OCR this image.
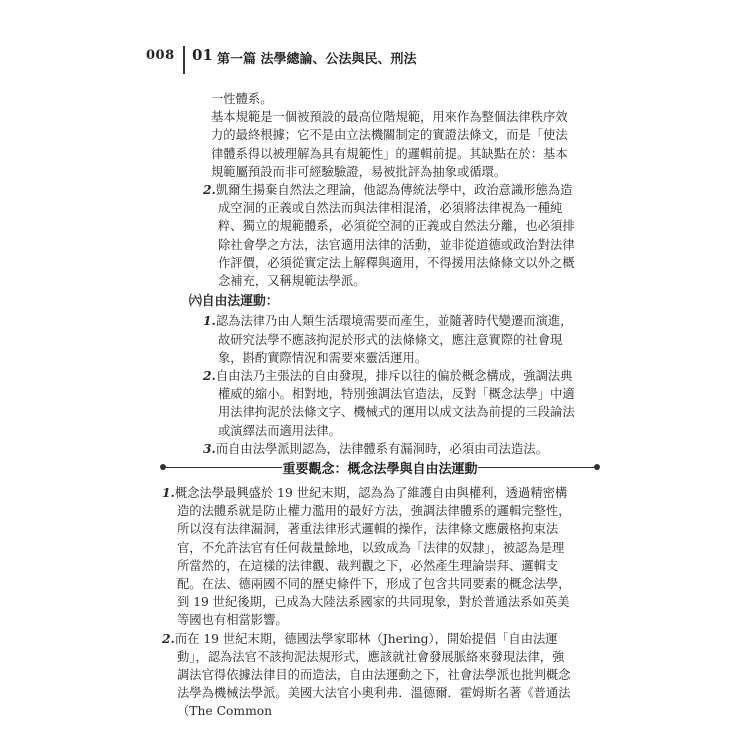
008 01 第一篇 法學總論、公法與民、刑法

一性體系。

基本規範是一個被預設的最高位階規範，用來作為整個法律秩序效力的最終根據；它不是由立法機關制定的實證法條文，而是「使法律體系得以被理解為具有規範性」的邏輯前提。其缺點在於：基本規範屬預設而非可經驗驗證，易被批評為抽象或循環。

2.凱爾生揚棄自然法之理論，他認為傳統法學中，政治意識形態為造成空洞的正義或自然法而與法律相混淆，必須將法律視為一種純粹、獨立的規範體系，必須從空洞的正義或自然法分離，也必須排除社會學之方法，法官適用法律的活動，並非從道德或政治對法律作評價，必須從實定法上解釋與適用，不得援用法條條文以外之概念補充，又稱規範法學派。

㈥自由法運動：

1.認為法律乃由人類生活環境需要而產生，並隨著時代變遷而演進，故研究法學不應該拘泥於形式的法條條文，應注意實際的社會現象，斟酌實際情況和需要來靈活運用。

2.自由法乃主張法的自由發現，排斥以往的偏於概念構成，強調法典權威的縮小。相對地，特別強調法官造法，反對「概念法學」中適用法律拘泥於法條文字、機械式的運用以成文法為前提的三段論法或演繹法而適用法律。

3.而自由法學派則認為，法律體系有漏洞時，必須由司法造法。

重要觀念：概念法學與自由法運動

1.概念法學最興盛於 19 世紀末期，認為為了維護自由與權利，透過精密構造的法體系就是防止權力濫用的最好方法，強調法律體系的邏輯完整性，所以沒有法律漏洞，著重法律形式邏輯的操作，法律條文應嚴格拘束法官，不允許法官有任何裁量餘地，以致成為「法律的奴隸」，被認為是理所當然的，在這樣的法律觀、裁判觀之下，必然產生理論崇拜、邏輯支配。在法、德兩國不同的歷史條件下，形成了包含共同要素的概念法學，到 19 世紀後期，已成為大陸法系國家的共同現象，對於普通法系如英美等國也有相當影響。

2.而在 19 世紀末期，德國法學家耶林（Jhering），開始提倡「自由法運動」，認為法官不該拘泥法規形式，應該就社會發展脈絡來發現法律，強調法官得依據法律目的而造法，自由法運動之下，社會法學派也批判概念法學為機械法學派。美國大法官小奧利弗．溫德爾．霍姆斯名著《普通法（The Common
